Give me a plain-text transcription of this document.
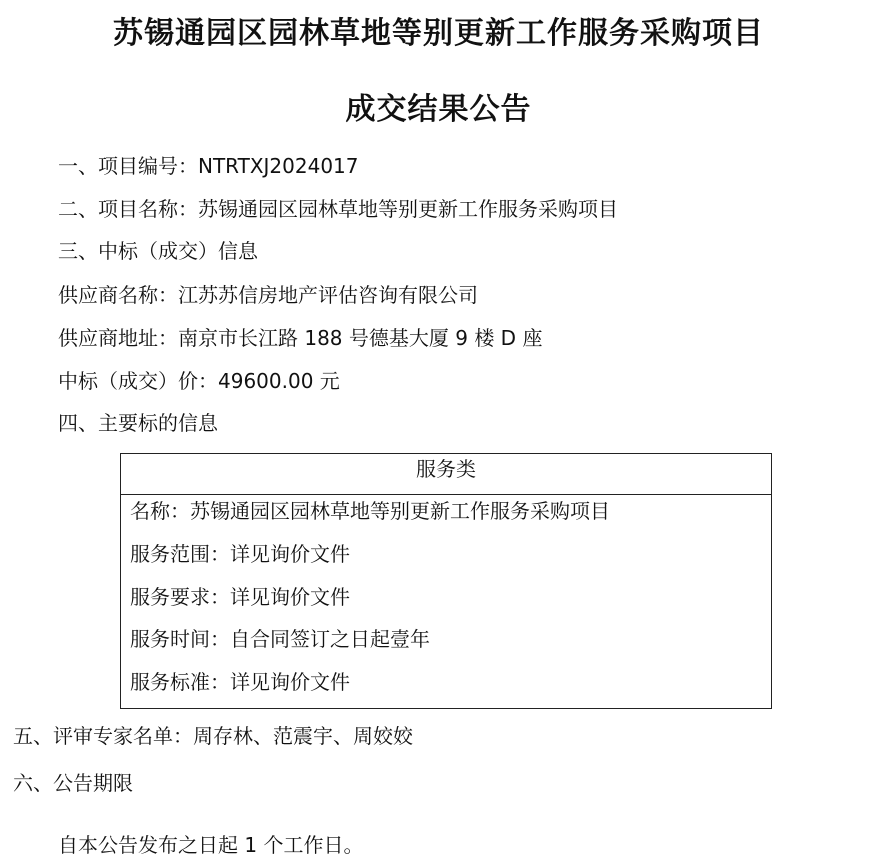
苏锡通园区园林草地等别更新工作服务采购项目
成交结果公告
一、项目编号：NTRTXJ2024017
二、项目名称：苏锡通园区园林草地等别更新工作服务采购项目
三、中标（成交）信息
供应商名称：江苏苏信房地产评估咨询有限公司
供应商地址：南京市长江路 188 号德基大厦 9 楼 D 座
中标（成交）价：49600.00 元
四、主要标的信息
服务类
名称：苏锡通园区园林草地等别更新工作服务采购项目
服务范围：详见询价文件
服务要求：详见询价文件
服务时间：自合同签订之日起壹年
服务标准：详见询价文件
五、评审专家名单：周存林、范震宇、周姣姣
六、公告期限
自本公告发布之日起 1 个工作日。
